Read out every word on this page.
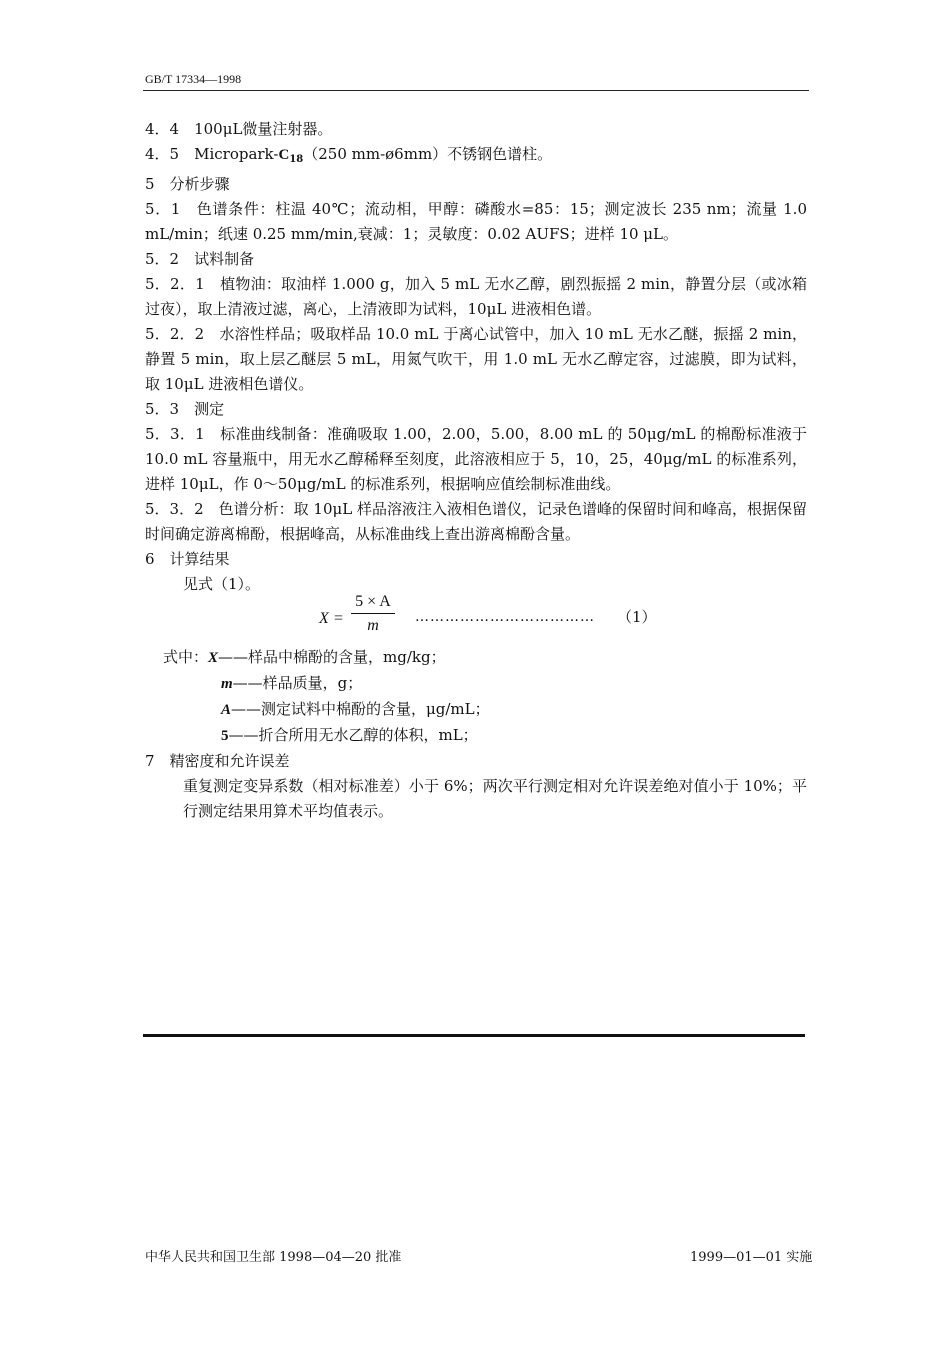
GB/T 17334—1998

4．4　100μL微量注射器。

4．5　Micropark-$C_{18}(250$ mm-ø6mm）不锈钢色谱柱。

5　分析步骤

5．1　色谱条件：柱温 40℃；流动相，甲醇：磷酸水=85：15；测定波长 235 nm；流量 1.0 mL/min；纸速 0.25 mm/min,衰减：1；灵敏度：0.02 AUFS；进样 10 μL。

5．2　试料制备

5．2．1　植物油：取油样 1.000 g，加入 5 mL 无水乙醇，剧烈振摇 2 min，静置分层（或冰箱过夜），取上清液过滤，离心，上清液即为试料，10μL 进液相色谱。

5．2．2　水溶性样品；吸取样品 10.0 mL 于离心试管中，加入 10 mL 无水乙醚，振摇 2 min，静置 5 min，取上层乙醚层 5 mL，用氮气吹干，用 1.0 mL 无水乙醇定容，过滤膜，即为试料，取 10μL 进液相色谱仪。

5．3　测定

5．3．1　标准曲线制备：准确吸取 1.00，2.00，5.00，8.00 mL 的 50μg/mL 的棉酚标准液于 10.0 mL 容量瓶中，用无水乙醇稀释至刻度，此溶液相应于 5，10，25，40μg/mL 的标准系列，进样 10μL，作 0～50μg/mL 的标准系列，根据响应值绘制标准曲线。

5．3．2　色谱分析：取 10μL 样品溶液注入液相色谱仪，记录色谱峰的保留时间和峰高，根据保留时间确定游离棉酚，根据峰高，从标准曲线上查出游离棉酚含量。

6　计算结果

见式（1）。

$X = \frac{5 \times A}{m}$ ……………………………… （1）

式中：X——样品中棉酚的含量，mg/kg；

m——样品质量，g；

A——测定试料中棉酚的含量，μg/mL；

5——折合所用无水乙醇的体积，mL；

7　精密度和允许误差

重复测定变异系数（相对标准差）小于 6%；两次平行测定相对允许误差绝对值小于 10%；平行测定结果用算术平均值表示。

中华人民共和国卫生部 1998—04—20 批准	1999—01—01 实施
